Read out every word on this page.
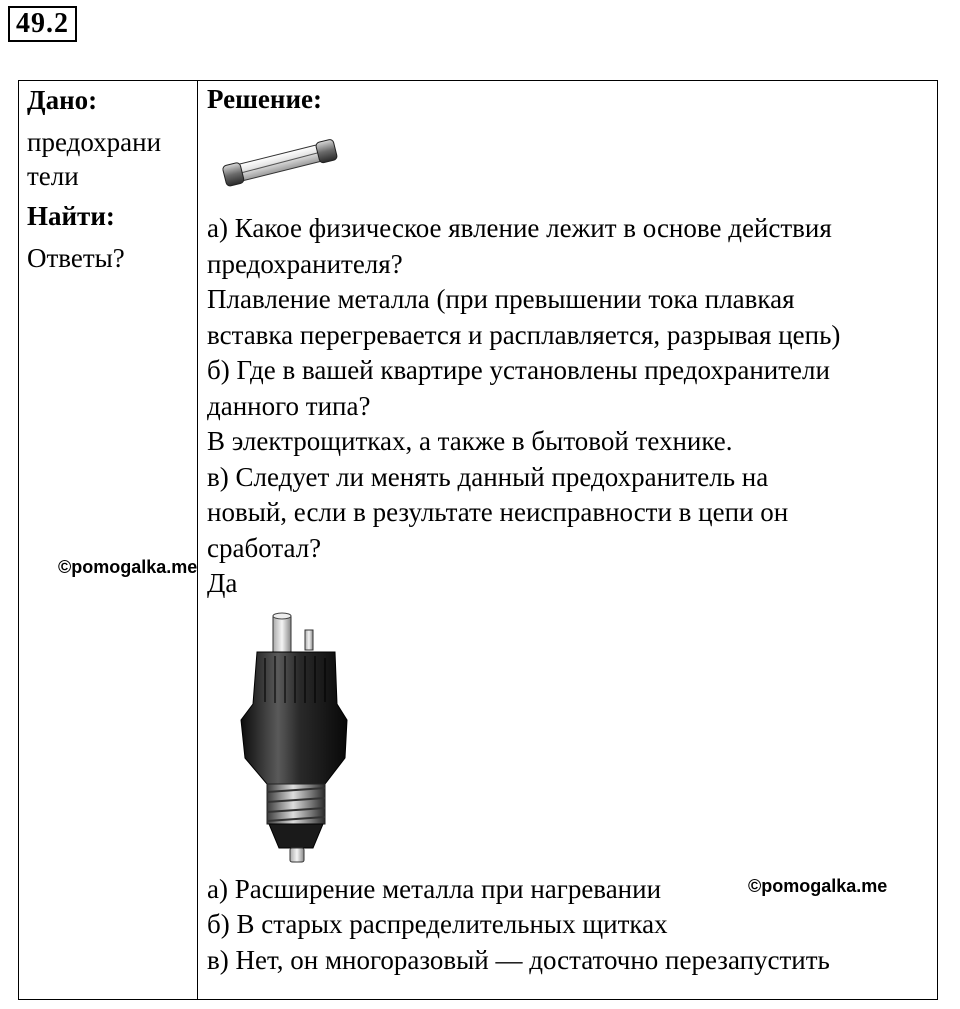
49.2
Дано:
предохрани
тели
Найти:
Ответы?

Решение:

а) Какое физическое явление лежит в основе действия
предохранителя?
Плавление металла (при превышении тока плавкая
вставка перегревается и расплавляется, разрывая цепь)
б) Где в вашей квартире установлены предохранители
данного типа?
В электрощитках, а также в бытовой технике.
в) Следует ли менять данный предохранитель на
новый, если в результате неисправности в цепи он
сработал?
Да

а) Расширение металла при нагревании
б) В старых распределительных щитках
в) Нет, он многоразовый — достаточно перезапустить

©pomogalka.me
©pomogalka.me
